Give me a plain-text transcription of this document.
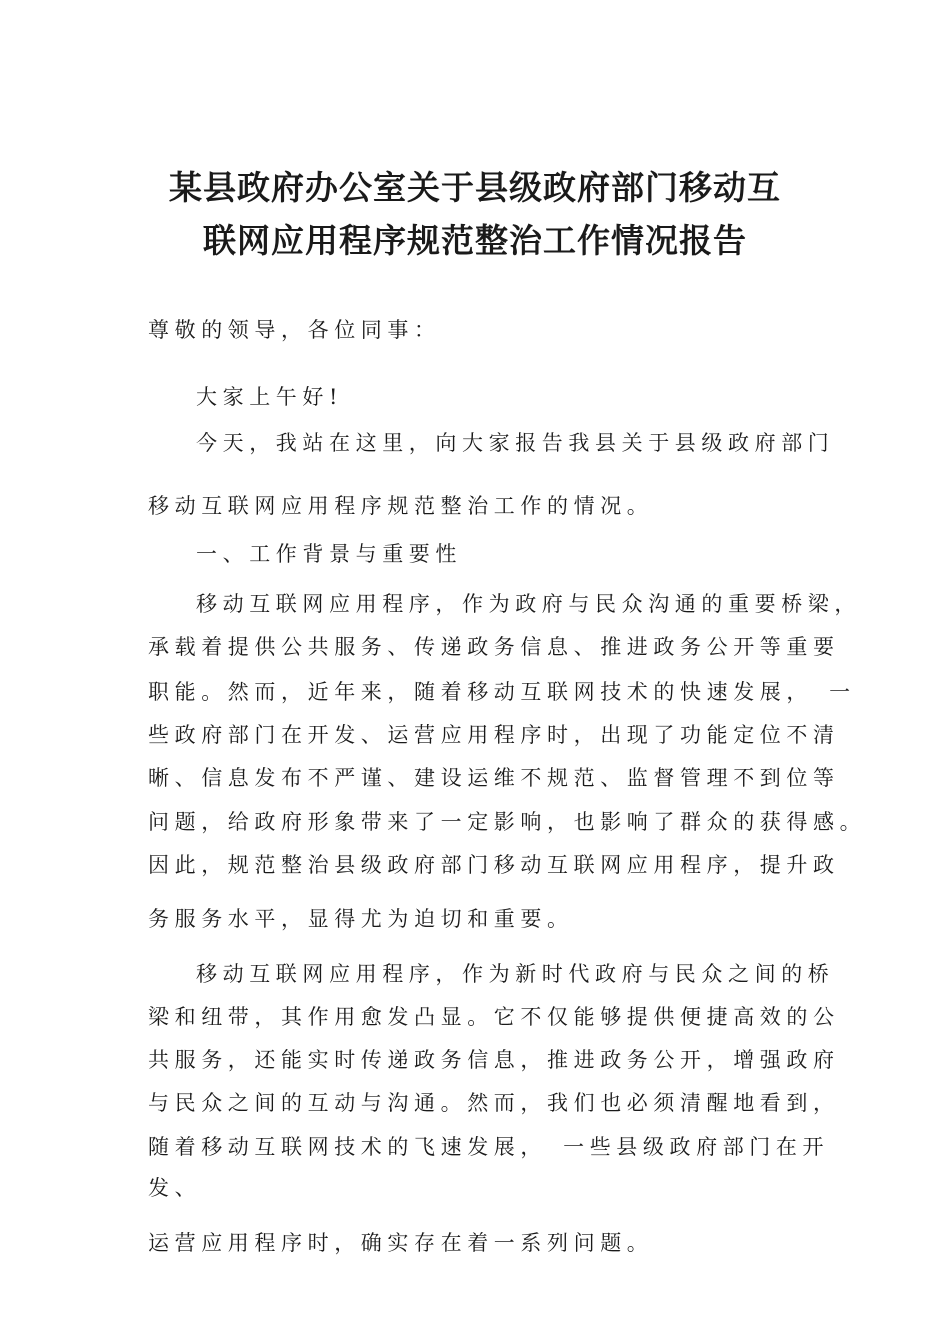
某县政府办公室关于县级政府部门移动互
联网应用程序规范整治工作情况报告
尊敬的领导，各位同事：
大家上午好!
今天，我站在这里，向大家报告我县关于县级政府部门
移动互联网应用程序规范整治工作的情况。
一、工作背景与重要性
移动互联网应用程序，作为政府与民众沟通的重要桥梁，
承载着提供公共服务、传递政务信息、推进政务公开等重要
职能。然而，近年来，随着移动互联网技术的快速发展，　一
些政府部门在开发、运营应用程序时，出现了功能定位不清
晰、信息发布不严谨、建设运维不规范、监督管理不到位等
问题，给政府形象带来了一定影响，也影响了群众的获得感。
因此，规范整治县级政府部门移动互联网应用程序，提升政
务服务水平，显得尤为迫切和重要。
移动互联网应用程序，作为新时代政府与民众之间的桥
梁和纽带，其作用愈发凸显。它不仅能够提供便捷高效的公
共服务，还能实时传递政务信息，推进政务公开，增强政府
与民众之间的互动与沟通。然而，我们也必须清醒地看到，
随着移动互联网技术的飞速发展，　一些县级政府部门在开
发、
运营应用程序时，确实存在着一系列问题。
